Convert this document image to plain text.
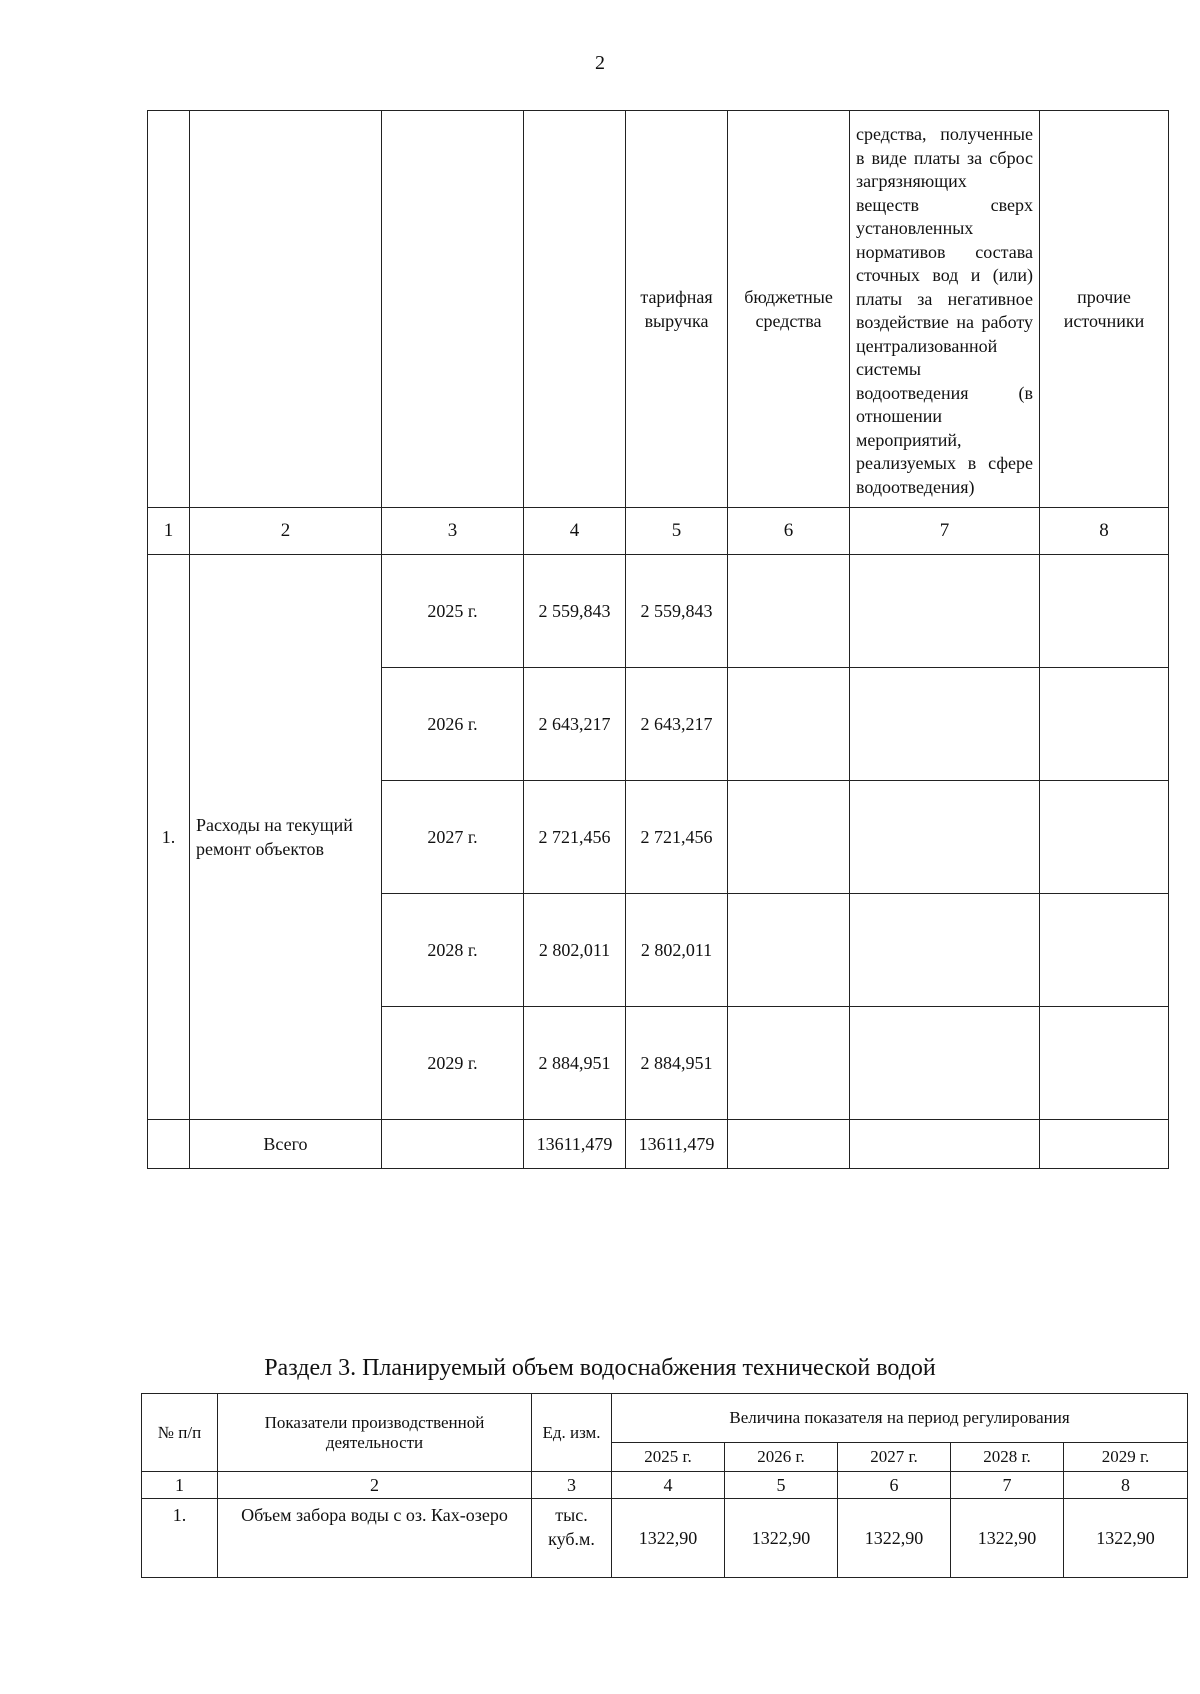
2
				тарифная выручка	бюджетные средства	средства, полученные в виде платы за сброс загрязняющих веществ сверх установленных нормативов состава сточных вод и (или) платы за негативное воздействие на работу централизованной системы водоотведения (в отношении мероприятий, реализуемых в сфере водоотведения)	прочие источники
1	2	3	4	5	6	7	8
1.	Расходы на текущий ремонт объектов	2025 г.	2 559,843	2 559,843			
		2026 г.	2 643,217	2 643,217			
		2027 г.	2 721,456	2 721,456			
		2028 г.	2 802,011	2 802,011			
		2029 г.	2 884,951	2 884,951			
	Всего		13611,479	13611,479			
Раздел 3. Планируемый объем водоснабжения технической водой
№ п/п	Показатели производственной деятельности	Ед. изм.	Величина показателя на период регулирования				
			2025 г.	2026 г.	2027 г.	2028 г.	2029 г.
1	2	3	4	5	6	7	8
1.	Объем забора воды с оз. Ках-озеро	тыс. куб.м.	1322,90	1322,90	1322,90	1322,90	1322,90
